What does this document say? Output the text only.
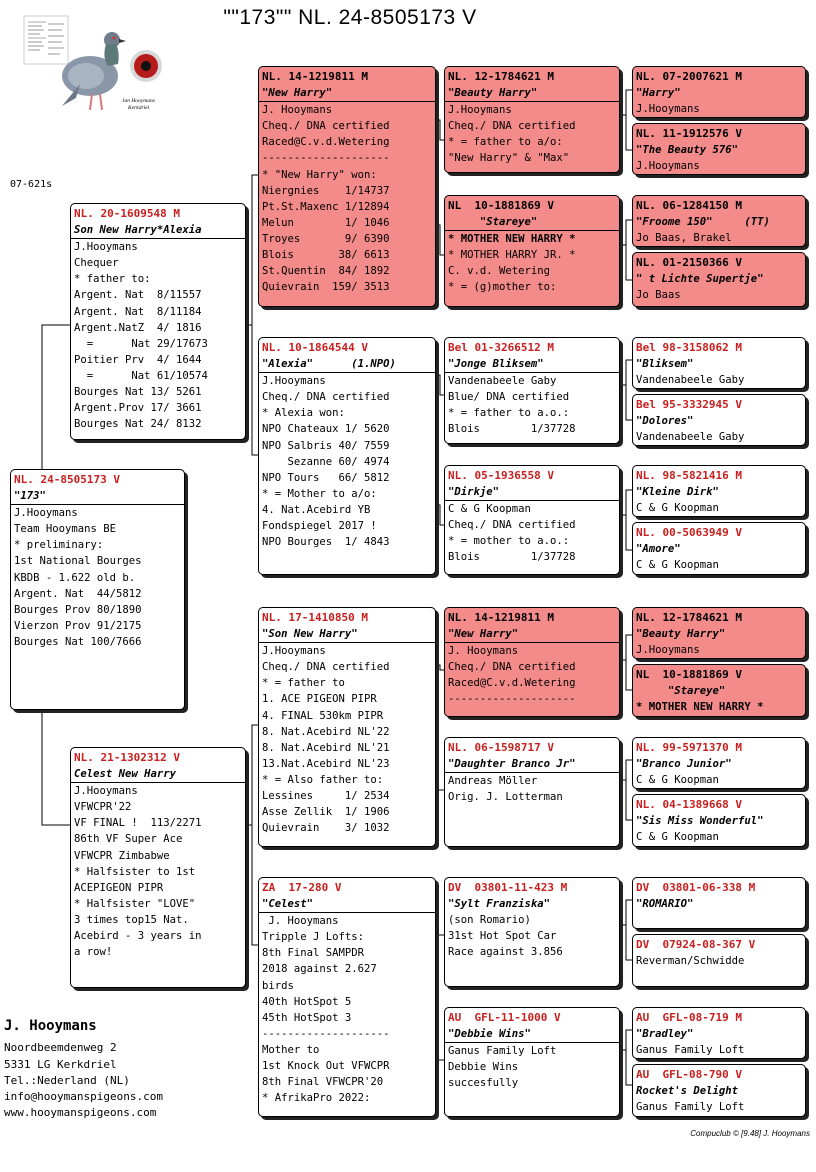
""173"" NL. 24-8505173 V
Jan Hooymans
Kerkdriel
07-621s
NL. 24-8505173 V
"173"
J.Hooymans
Team Hooymans BE
* preliminary:
1st National Bourges
KBDB - 1.622 old b.
Argent. Nat  44/5812
Bourges Prov 80/1890
Vierzon Prov 91/2175
Bourges Nat 100/7666
NL. 20-1609548 M
Son New Harry*Alexia
J.Hooymans
Chequer
* father to:
Argent. Nat  8/11557
Argent. Nat  8/11184
Argent.NatZ  4/ 1816
=      Nat 29/17673
Poitier Prv  4/ 1644
=      Nat 61/10574
Bourges Nat 13/ 5261
Argent.Prov 17/ 3661
Bourges Nat 24/ 8132
NL. 21-1302312 V
Celest New Harry
J.Hooymans
VFWCPR'22
VF FINAL !  113/2271
86th VF Super Ace
VFWCPR Zimbabwe
* Halfsister to 1st
ACEPIGEON PIPR
* Halfsister "LOVE"
3 times top15 Nat.
Acebird - 3 years in
a row!
NL. 14-1219811 M
"New Harry"
J. Hooymans
Cheq./ DNA certified
Raced@C.v.d.Wetering
--------------------
* "New Harry" won:
Niergnies    1/14737
Pt.St.Maxenc 1/12894
Melun        1/ 1046
Troyes       9/ 6390
Blois       38/ 6613
St.Quentin  84/ 1892
Quievrain  159/ 3513
NL. 10-1864544 V
"Alexia"      (1.NPO)
J.Hooymans
Cheq./ DNA certified
* Alexia won:
NPO Chateaux 1/ 5620
NPO Salbris 40/ 7559
Sezanne 60/ 4974
NPO Tours   66/ 5812
* = Mother to a/o:
4. Nat.Acebird YB
Fondspiegel 2017 !
NPO Bourges  1/ 4843
NL. 17-1410850 M
"Son New Harry"
J.Hooymans
Cheq./ DNA certified
* = father to
1. ACE PIGEON PIPR
4. FINAL 530km PIPR
8. Nat.Acebird NL'22
8. Nat.Acebird NL'21
13.Nat.Acebird NL'23
* = Also father to:
Lessines     1/ 2534
Asse Zellik  1/ 1906
Quievrain    3/ 1032
ZA  17-280 V
"Celest"
J. Hooymans
Tripple J Lofts:
8th Final SAMPDR
2018 against 2.627
birds
40th HotSpot 5
45th HotSpot 3
--------------------
Mother to
1st Knock Out VFWCPR
8th Final VFWCPR'20
* AfrikaPro 2022:
NL. 12-1784621 M
"Beauty Harry"
J.Hooymans
Cheq./ DNA certified
* = father to a/o:
"New Harry" & "Max"
NL  10-1881869 V
"Stareye"
* MOTHER NEW HARRY *
* MOTHER HARRY JR. *
C. v.d. Wetering
* = (g)mother to:
Bel 01-3266512 M
"Jonge Bliksem"
Vandenabeele Gaby
Blue/ DNA certified
* = father to a.o.:
Blois        1/37728
NL. 05-1936558 V
"Dirkje"
C & G Koopman
Cheq./ DNA certified
* = mother to a.o.:
Blois        1/37728
NL. 14-1219811 M
"New Harry"
J. Hooymans
Cheq./ DNA certified
Raced@C.v.d.Wetering
--------------------
NL. 06-1598717 V
"Daughter Branco Jr"
Andreas Möller
Orig. J. Lotterman
DV  03801-11-423 M
"Sylt Franziska"
(son Romario)
31st Hot Spot Car
Race against 3.856
AU  GFL-11-1000 V
"Debbie Wins"
Ganus Family Loft
Debbie Wins
succesfully
NL. 07-2007621 M
"Harry"
J.Hooymans
NL. 11-1912576 V
"The Beauty 576"
J.Hooymans
NL. 06-1284150 M
"Froome 150"     (TT)
Jo Baas, Brakel
NL. 01-2150366 V
" t Lichte Supertje"
Jo Baas
Bel 98-3158062 M
"Bliksem"
Vandenabeele Gaby
Bel 95-3332945 V
"Dolores"
Vandenabeele Gaby
NL. 98-5821416 M
"Kleine Dirk"
C & G Koopman
NL. 00-5063949 V
"Amore"
C & G Koopman
NL. 12-1784621 M
"Beauty Harry"
J.Hooymans
NL  10-1881869 V
"Stareye"
* MOTHER NEW HARRY *
NL. 99-5971370 M
"Branco Junior"
C & G Koopman
NL. 04-1389668 V
"Sis Miss Wonderful"
C & G Koopman
DV  03801-06-338 M
"ROMARIO"
DV  07924-08-367 V
Reverman/Schwidde
AU  GFL-08-719 M
"Bradley"
Ganus Family Loft
AU  GFL-08-790 V
Rocket's Delight
Ganus Family Loft
J. Hooymans
Noordbeemdenweg 2
5331 LG Kerkdriel
Tel.:Nederland (NL)
info@hooymanspigeons.com
www.hooymanspigeons.com
Compuclub © [9.48] J. Hooymans
